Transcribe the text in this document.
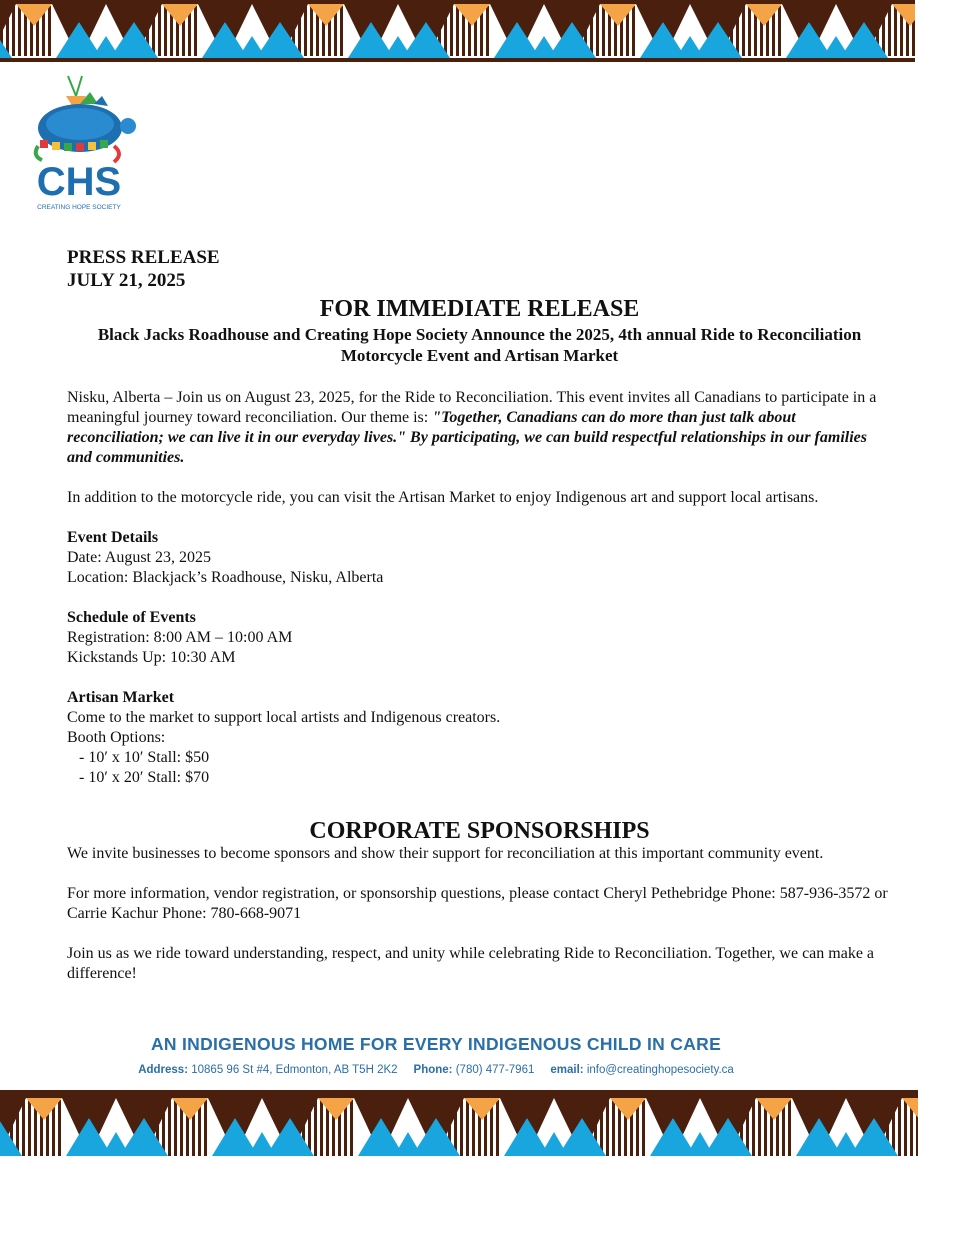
CHS
CREATING HOPE SOCIETY

PRESS RELEASE

JULY 21, 2025

FOR IMMEDIATE RELEASE

Black Jacks Roadhouse and Creating Hope Society Announce the 2025, 4th annual Ride to Reconciliation Motorcycle Event and Artisan Market

Nisku, Alberta – Join us on August 23, 2025, for the Ride to Reconciliation. This event invites all Canadians to participate in a meaningful journey toward reconciliation. Our theme is: "Together, Canadians can do more than just talk about reconciliation; we can live it in our everyday lives." By participating, we can build respectful relationships in our families and communities.

In addition to the motorcycle ride, you can visit the Artisan Market to enjoy Indigenous art and support local artisans.

Event Details

Date: August 23, 2025

Location: Blackjack’s Roadhouse, Nisku, Alberta

Schedule of Events

Registration: 8:00 AM – 10:00 AM

Kickstands Up: 10:30 AM

Artisan Market

Come to the market to support local artists and Indigenous creators.

Booth Options:

- 10′ x 10′ Stall: $50

- 10′ x 20′ Stall: $70

CORPORATE SPONSORSHIPS

We invite businesses to become sponsors and show their support for reconciliation at this important community event.

For more information, vendor registration, or sponsorship questions, please contact Cheryl Pethebridge Phone: 587-936-3572 or Carrie Kachur Phone: 780-668-9071

Join us as we ride toward understanding, respect, and unity while celebrating Ride to Reconciliation. Together, we can make a difference!

AN INDIGENOUS HOME FOR EVERY INDIGENOUS CHILD IN CARE
Address: 10865 96 St #4, Edmonton, AB T5H 2K2 Phone: (780) 477-7961 email: info@creatinghopesociety.ca
